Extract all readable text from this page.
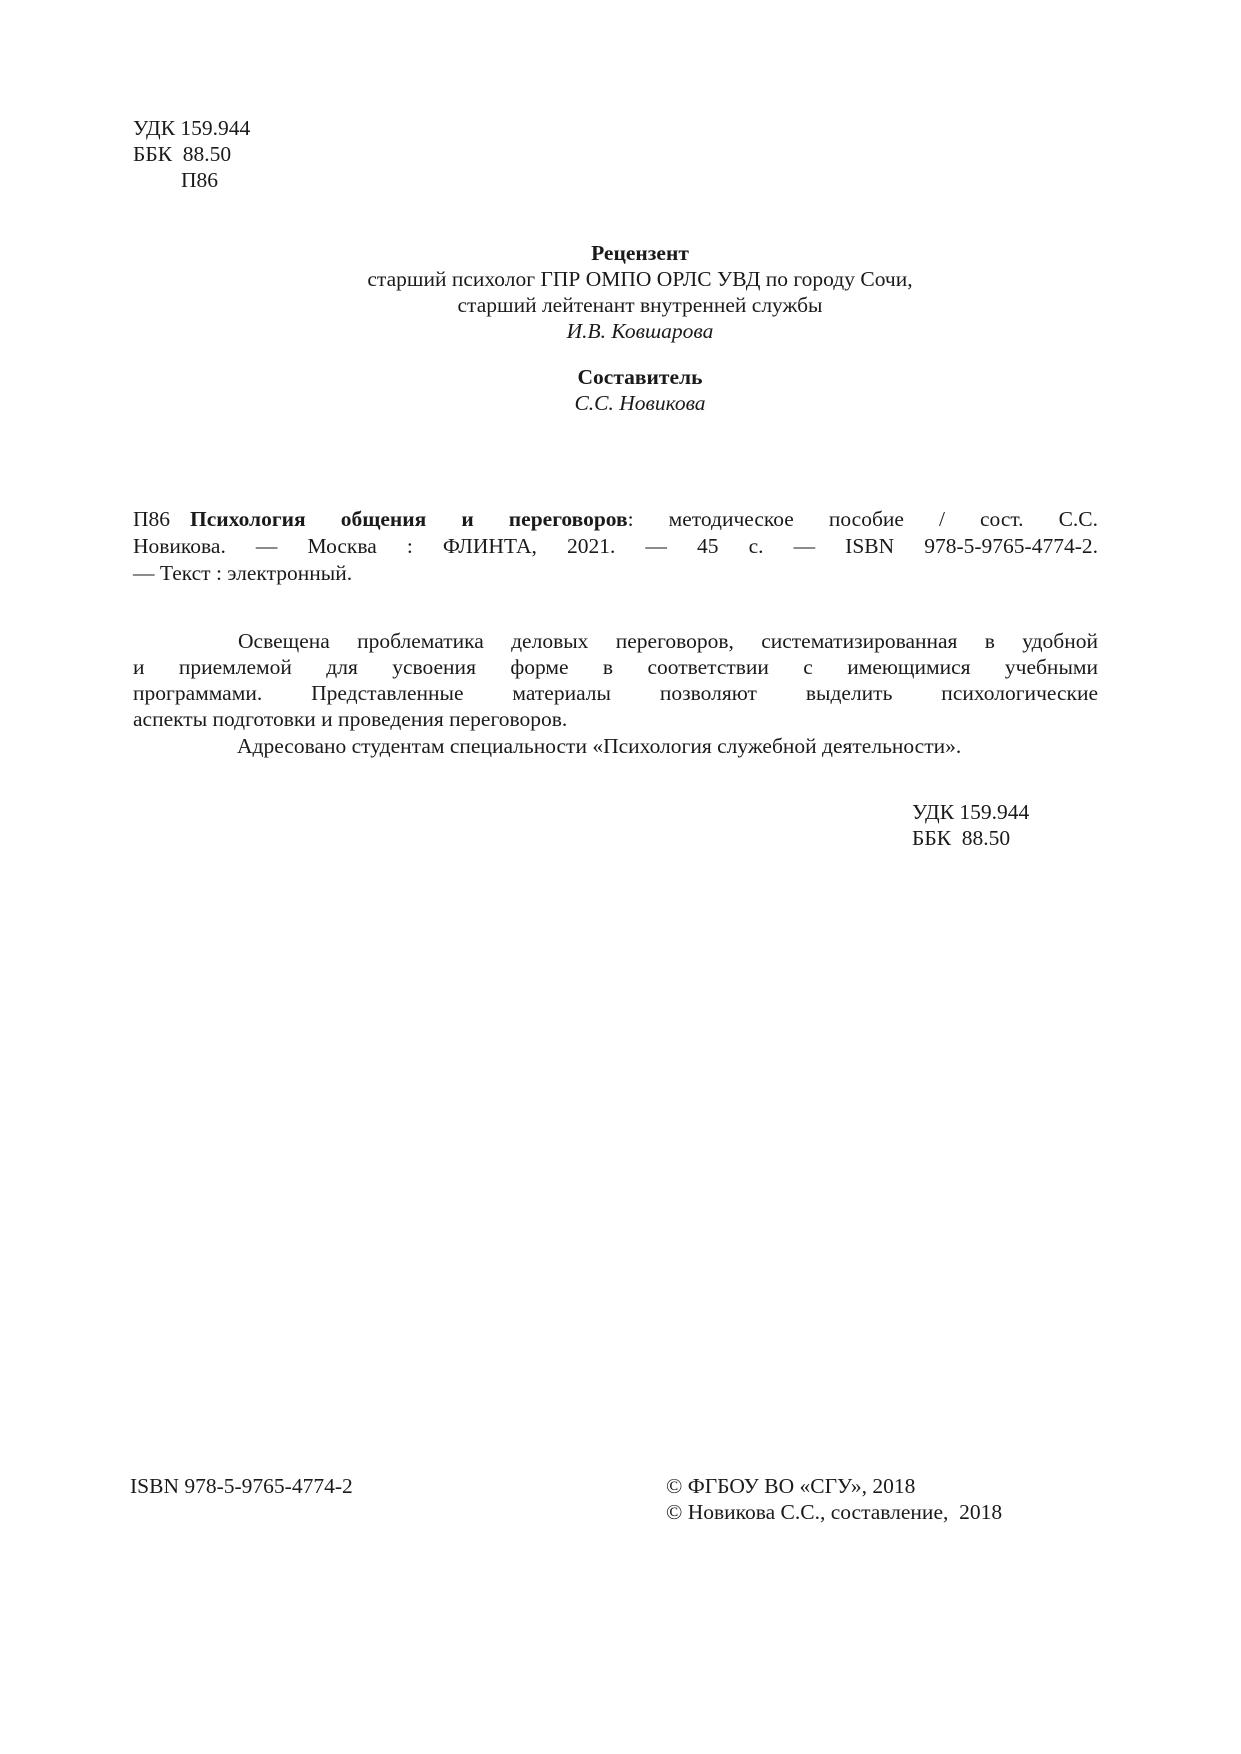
УДК 159.944
ББК  88.50
П86
Рецензент
старший психолог ГПР ОМПО ОРЛС УВД по городу Сочи,
старший лейтенант внутренней службы
И.В. Ковшарова
Составитель
С.С. Новикова
П86 Психология общения и переговоров: методическое пособие / сост. С.С.
Новикова. — Москва : ФЛИНТА, 2021. — 45 с. — ISBN 978-5-9765-4774-2.
— Текст : электронный.

Освещена проблематика деловых переговоров, систематизированная в удобной

и приемлемой для усвоения форме в соответствии с имеющимися учебными
программами. Представленные материалы позволяют выделить психологические
аспекты подготовки и проведения переговоров.
Адресовано студентам специальности «Психология служебной деятельности».
УДК 159.944
ББК  88.50
ISBN 978-5-9765-4774-2	© ФГБОУ ВО «СГУ», 2018
© Новикова С.С., составление,  2018
